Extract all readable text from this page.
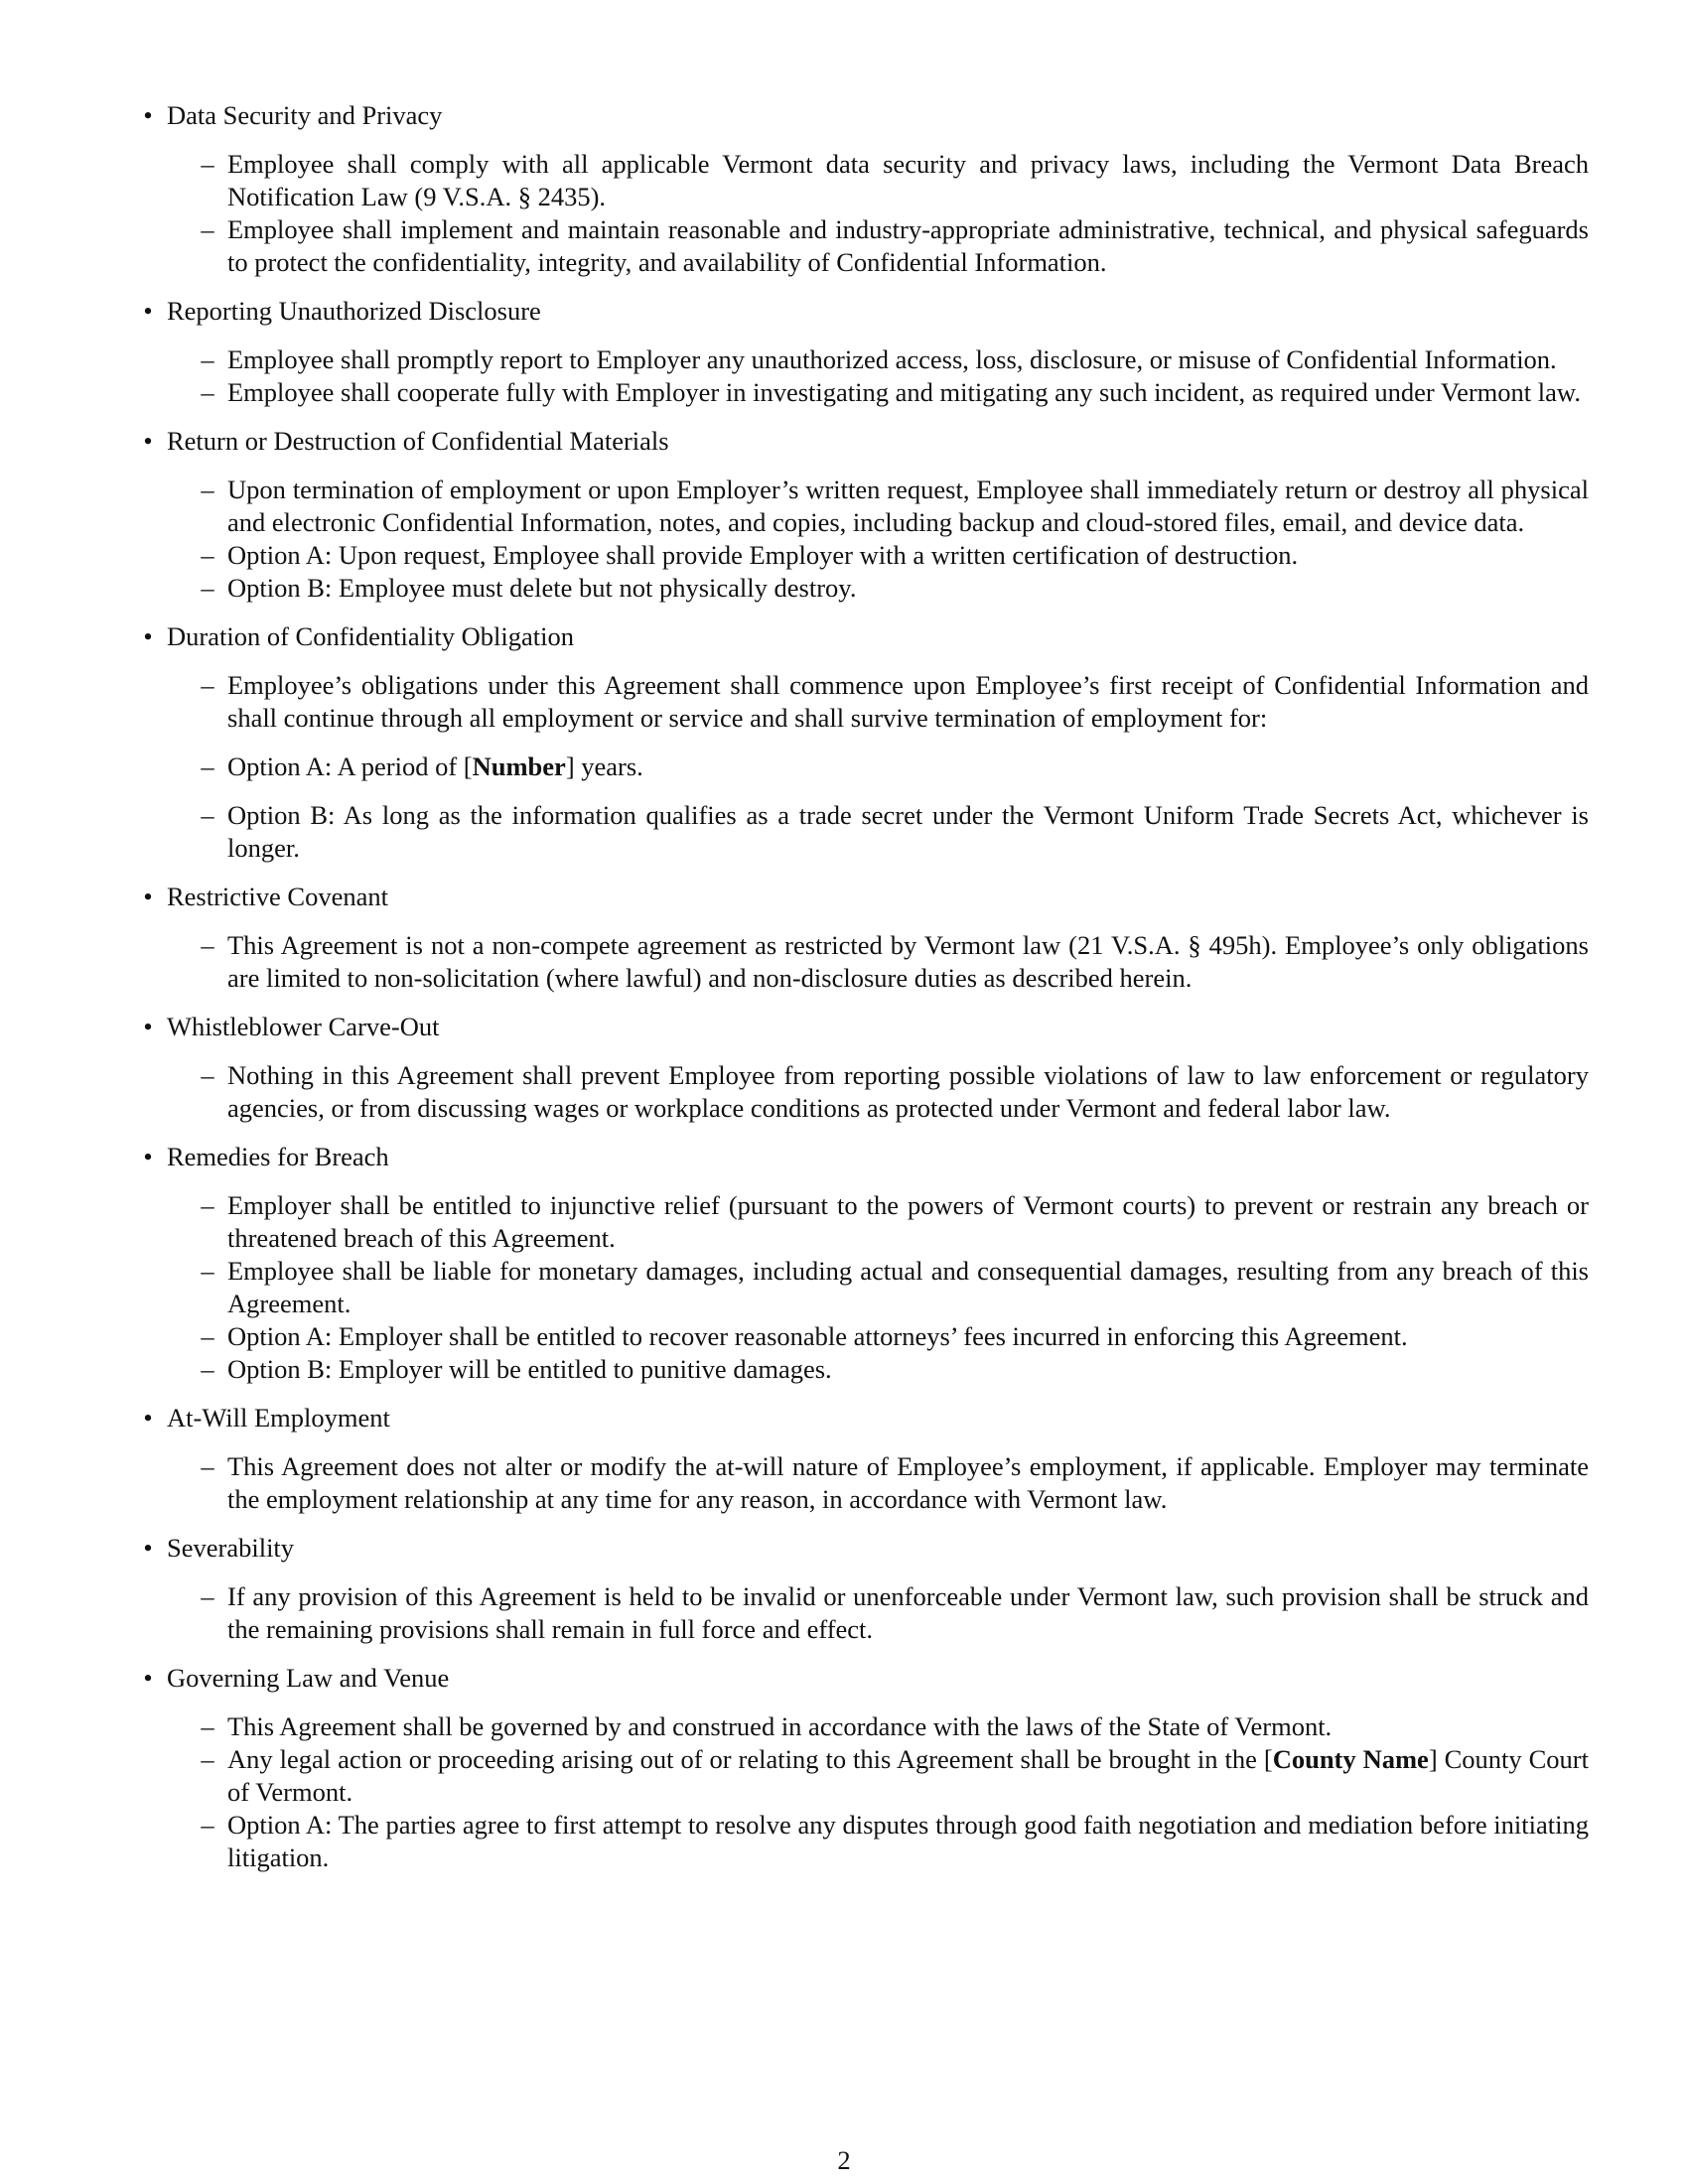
• Data Security and Privacy
– Employee shall comply with all applicable Vermont data security and privacy laws, including the Vermont Data Breach Notification Law (9 V.S.A. § 2435).
– Employee shall implement and maintain reasonable and industry-appropriate administrative, technical, and physical safeguards to protect the confidentiality, integrity, and availability of Confidential Information.
• Reporting Unauthorized Disclosure
– Employee shall promptly report to Employer any unauthorized access, loss, disclosure, or misuse of Confidential Information.
– Employee shall cooperate fully with Employer in investigating and mitigating any such incident, as required under Vermont law.
• Return or Destruction of Confidential Materials
– Upon termination of employment or upon Employer’s written request, Employee shall immediately return or destroy all physical and electronic Confidential Information, notes, and copies, including backup and cloud-stored files, email, and device data.
– Option A: Upon request, Employee shall provide Employer with a written certification of destruction.
– Option B: Employee must delete but not physically destroy.
• Duration of Confidentiality Obligation
– Employee’s obligations under this Agreement shall commence upon Employee’s first receipt of Confidential Information and shall continue through all employment or service and shall survive termination of employment for:
– Option A: A period of [Number] years.
– Option B: As long as the information qualifies as a trade secret under the Vermont Uniform Trade Secrets Act, whichever is longer.
• Restrictive Covenant
– This Agreement is not a non-compete agreement as restricted by Vermont law (21 V.S.A. § 495h). Employee’s only obligations are limited to non-solicitation (where lawful) and non-disclosure duties as described herein.
• Whistleblower Carve-Out
– Nothing in this Agreement shall prevent Employee from reporting possible violations of law to law enforcement or regulatory agencies, or from discussing wages or workplace conditions as protected under Vermont and federal labor law.
• Remedies for Breach
– Employer shall be entitled to injunctive relief (pursuant to the powers of Vermont courts) to prevent or restrain any breach or threatened breach of this Agreement.
– Employee shall be liable for monetary damages, including actual and consequential damages, resulting from any breach of this Agreement.
– Option A: Employer shall be entitled to recover reasonable attorneys’ fees incurred in enforcing this Agreement.
– Option B: Employer will be entitled to punitive damages.
• At-Will Employment
– This Agreement does not alter or modify the at-will nature of Employee’s employment, if applicable. Employer may terminate the employment relationship at any time for any reason, in accordance with Vermont law.
• Severability
– If any provision of this Agreement is held to be invalid or unenforceable under Vermont law, such provision shall be struck and the remaining provisions shall remain in full force and effect.
• Governing Law and Venue
– This Agreement shall be governed by and construed in accordance with the laws of the State of Vermont.
– Any legal action or proceeding arising out of or relating to this Agreement shall be brought in the [County Name] County Court of Vermont.
– Option A: The parties agree to first attempt to resolve any disputes through good faith negotiation and mediation before initiating litigation.
2
